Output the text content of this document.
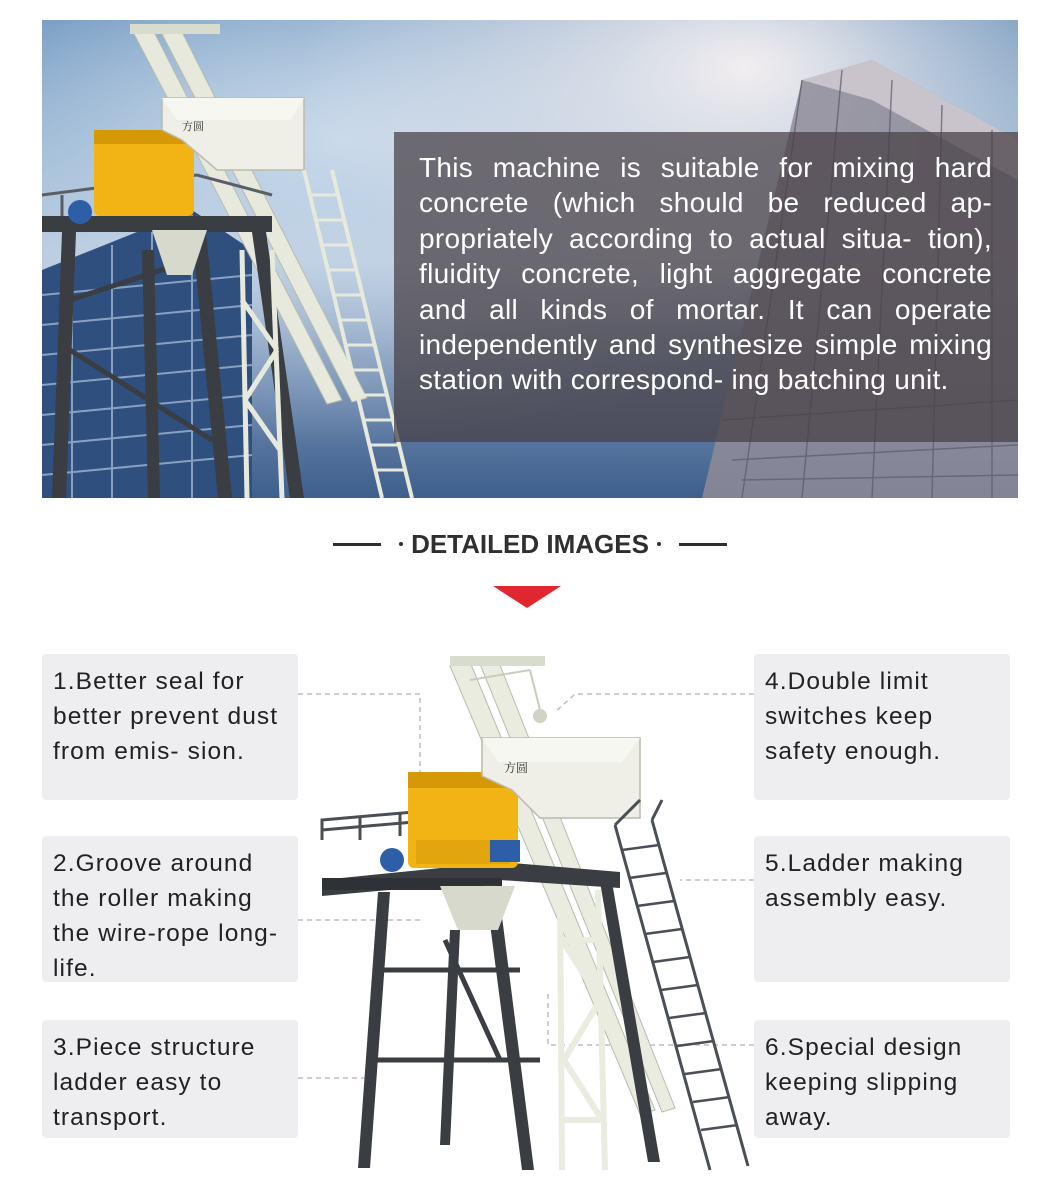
方圆

This machine is suitable for mixing hard concrete (which should be reduced ap- propriately according to actual situa- tion), fluidity concrete, light aggregate concrete and all kinds of mortar. It can operate independently and synthesize simple mixing station with correspond- ing batching unit.

DETAILED IMAGES
方圆

1.Better seal for better prevent dust from emis- sion.

2.Groove around the roller making the wire-rope long-life.

3.Piece structure ladder easy to transport.

4.Double limit switches keep safety enough.

5.Ladder making assembly easy.

6.Special design keeping slipping away.
